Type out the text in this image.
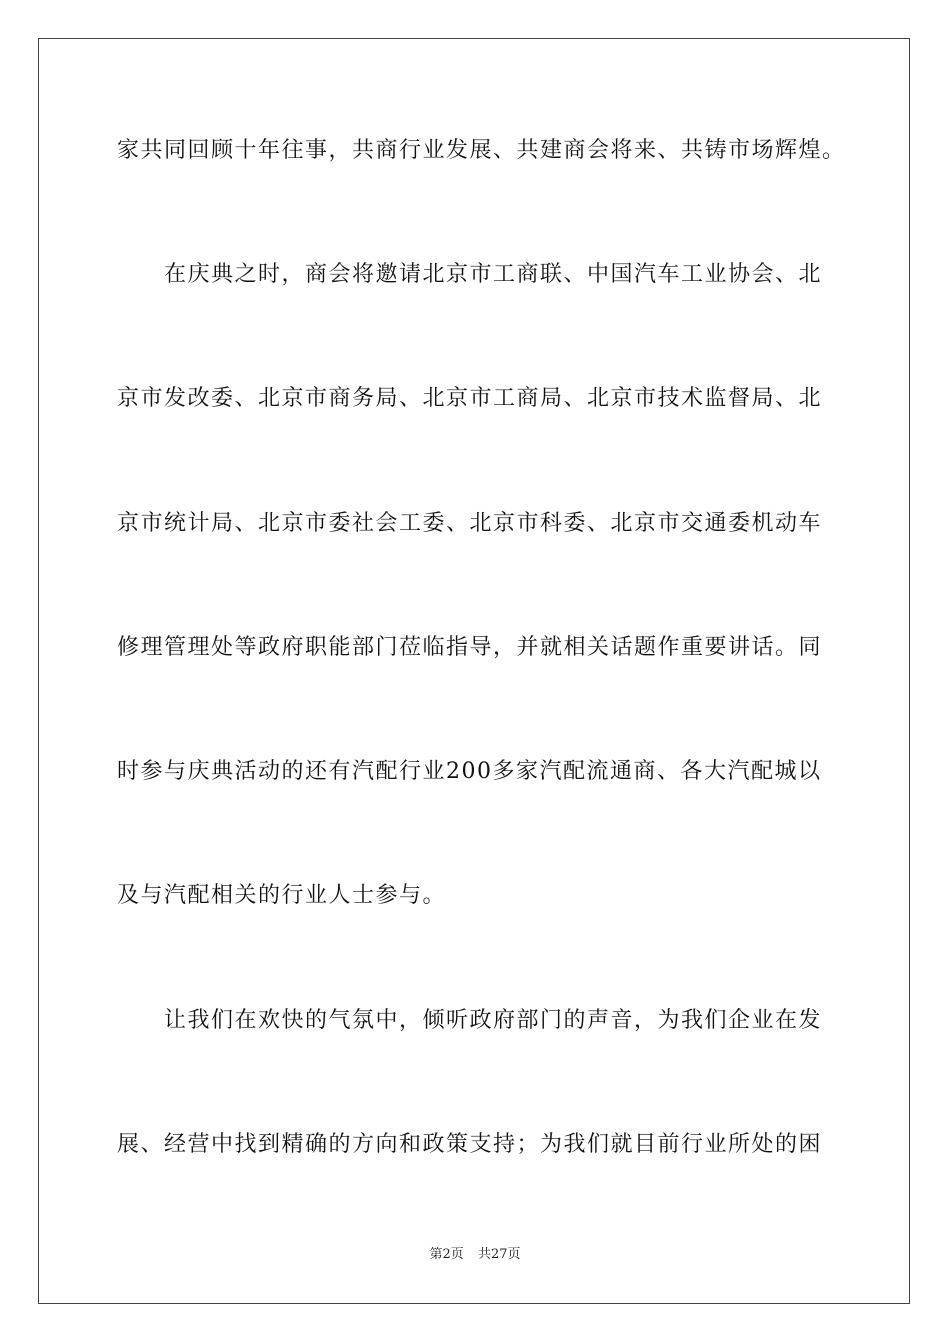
家共同回顾十年往事，共商行业发展、共建商会将来、共铸市场辉煌。
　　在庆典之时，商会将邀请北京市工商联、中国汽车工业协会、北
京市发改委、北京市商务局、北京市工商局、北京市技术监督局、北
京市统计局、北京市委社会工委、北京市科委、北京市交通委机动车
修理管理处等政府职能部门莅临指导，并就相关话题作重要讲话。同
时参与庆典活动的还有汽配行业200多家汽配流通商、各大汽配城以
及与汽配相关的行业人士参与。
　　让我们在欢快的气氛中，倾听政府部门的声音，为我们企业在发
展、经营中找到精确的方向和政策支持；为我们就目前行业所处的困
第2页 共27页
